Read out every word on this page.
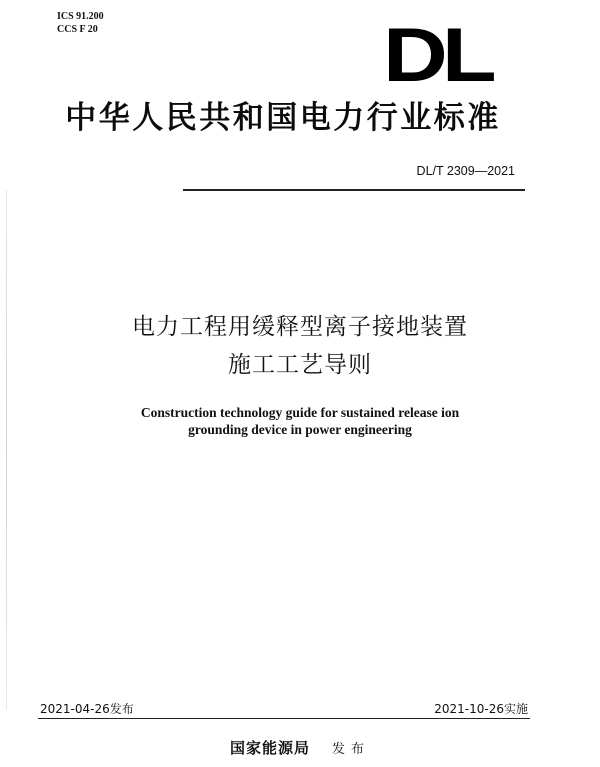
ICS 91.200
CCS F 20	DL
中华人民共和国电力行业标准
DL/T 2309—2021
电力工程用缓释型离子接地装置
施工工艺导则
Construction technology guide for sustained release ion
grounding device in power engineering
2021-04-26发布	2021-10-26实施
国家能源局 发布
